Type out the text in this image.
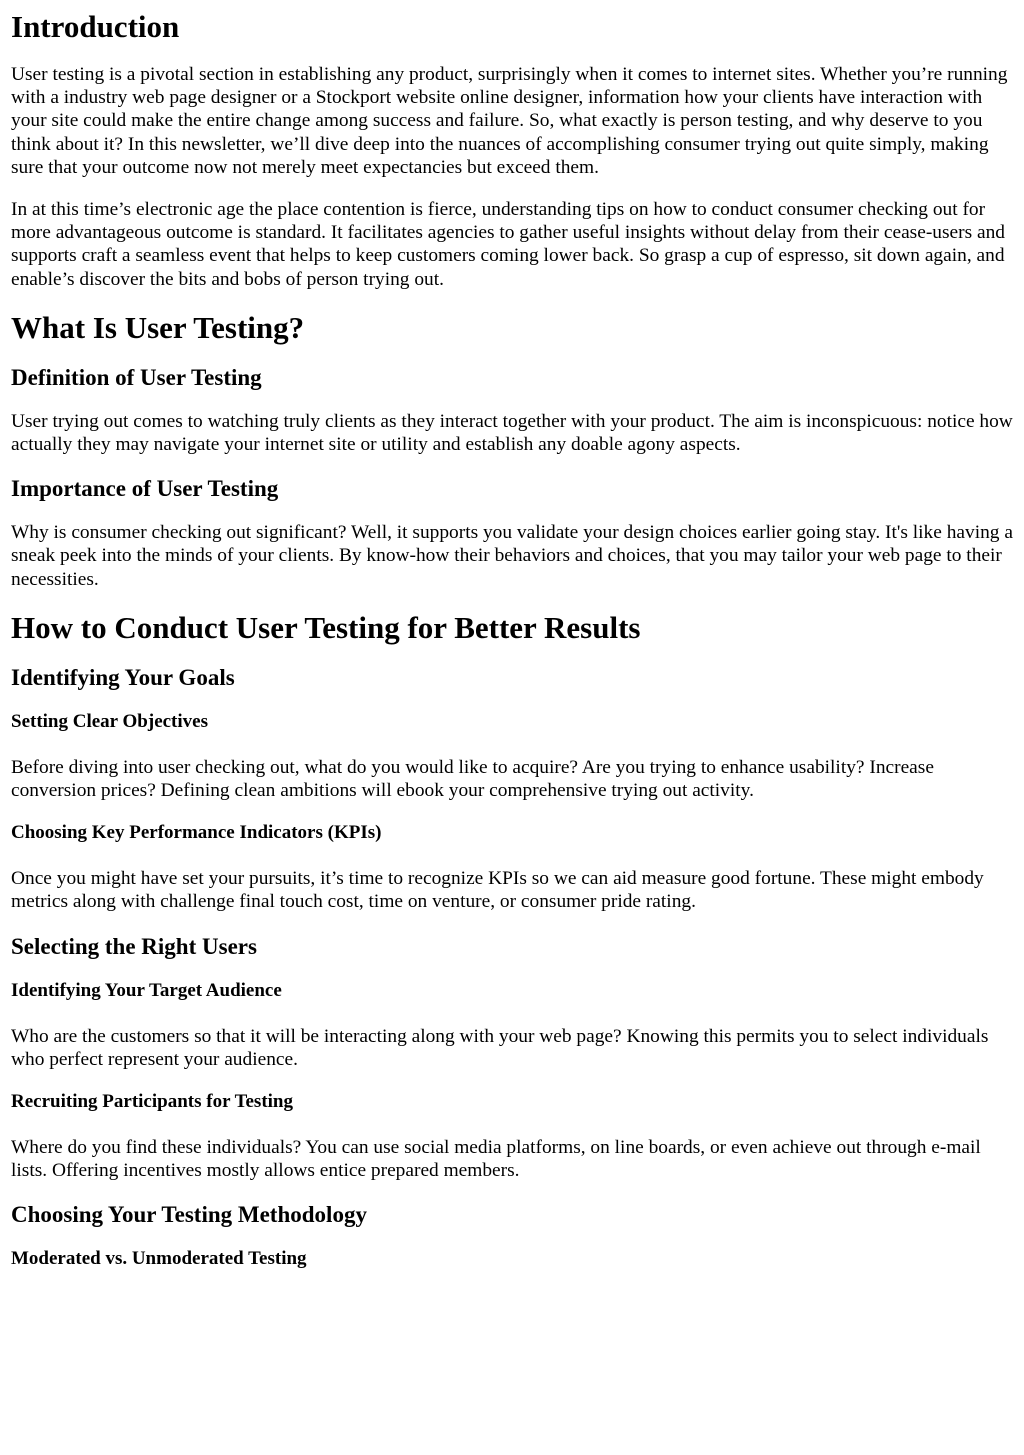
Introduction

User testing is a pivotal section in establishing any product, surprisingly when it comes to internet sites. Whether you’re running with a industry web page designer or a Stockport website online designer, information how your clients have interaction with your site could make the entire change among success and failure. So, what exactly is person testing, and why deserve to you think about it? In this newsletter, we’ll dive deep into the nuances of accomplishing consumer trying out quite simply, making sure that your outcome now not merely meet expectancies but exceed them.

In at this time’s electronic age the place contention is fierce, understanding tips on how to conduct consumer checking out for more advantageous outcome is standard. It facilitates agencies to gather useful insights without delay from their cease-users and supports craft a seamless event that helps to keep customers coming lower back. So grasp a cup of espresso, sit down again, and enable’s discover the bits and bobs of person trying out.

What Is User Testing?
Definition of User Testing

User trying out comes to watching truly clients as they interact together with your product. The aim is inconspicuous: notice how actually they may navigate your internet site or utility and establish any doable agony aspects.

Importance of User Testing

Why is consumer checking out significant? Well, it supports you validate your design choices earlier going stay. It's like having a sneak peek into the minds of your clients. By know-how their behaviors and choices, that you may tailor your web page to their necessities.

How to Conduct User Testing for Better Results
Identifying Your Goals
Setting Clear Objectives

Before diving into user checking out, what do you would like to acquire? Are you trying to enhance usability? Increase conversion prices? Defining clean ambitions will ebook your comprehensive trying out activity.

Choosing Key Performance Indicators (KPIs)

Once you might have set your pursuits, it’s time to recognize KPIs so we can aid measure good fortune. These might embody metrics along with challenge final touch cost, time on venture, or consumer pride rating.

Selecting the Right Users
Identifying Your Target Audience

Who are the customers so that it will be interacting along with your web page? Knowing this permits you to select individuals who perfect represent your audience.

Recruiting Participants for Testing

Where do you find these individuals? You can use social media platforms, on line boards, or even achieve out through e-mail lists. Offering incentives mostly allows entice prepared members.

Choosing Your Testing Methodology
Moderated vs. Unmoderated Testing
